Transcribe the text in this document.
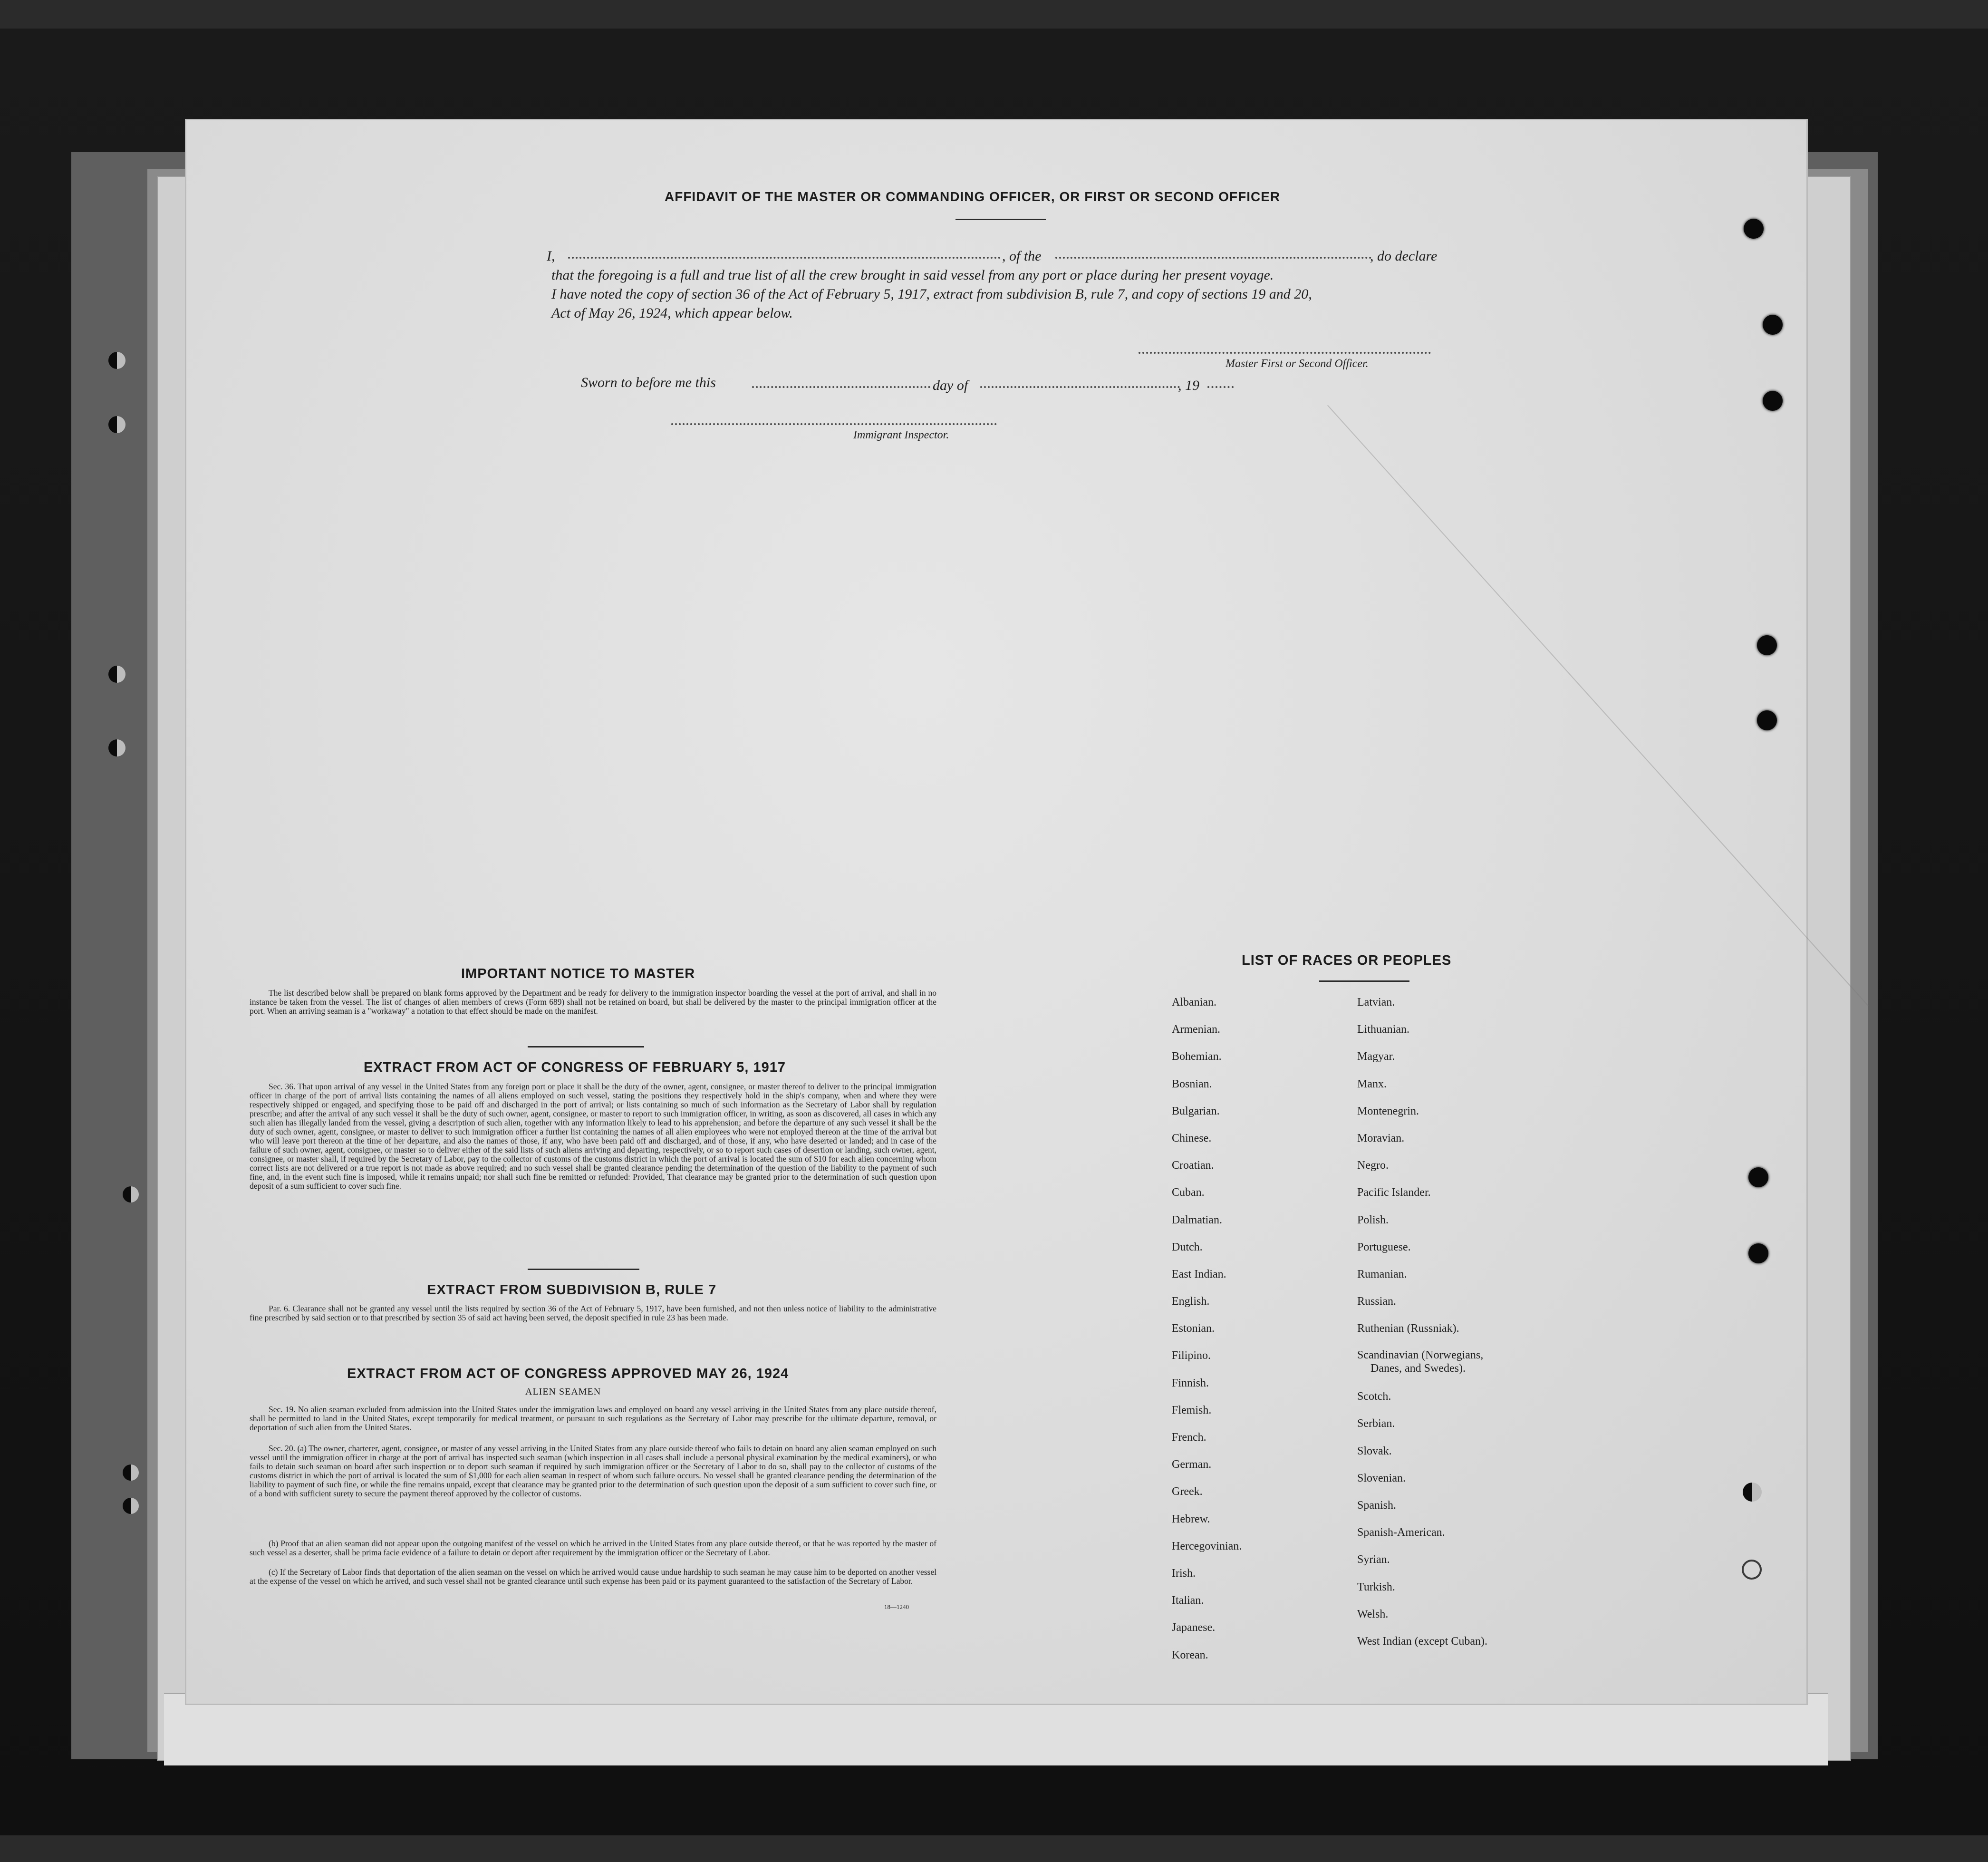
AFFIDAVIT OF THE MASTER OR COMMANDING OFFICER, OR FIRST OR SECOND OFFICER
I,	, of the	, do declare
that the foregoing is a full and true list of all the crew brought in said vessel from any port or place during her present voyage.
I have noted the copy of section 36 of the Act of February 5, 1917, extract from subdivision B, rule 7, and copy of sections 19 and 20,
Act of May 26, 1924, which appear below.
Master First or Second Officer.
Sworn to before me this	day of	, 19
Immigrant Inspector.
IMPORTANT NOTICE TO MASTER

The list described below shall be prepared on blank forms approved by the Department and be ready for delivery to the immigration inspector boarding the vessel at the port of arrival, and shall in no instance be taken from the vessel. The list of changes of alien members of crews (Form 689) shall not be retained on board, but shall be delivered by the master to the principal immigration officer at the port. When an arriving seaman is a "workaway" a notation to that effect should be made on the manifest.

EXTRACT FROM ACT OF CONGRESS OF FEBRUARY 5, 1917

Sec. 36. That upon arrival of any vessel in the United States from any foreign port or place it shall be the duty of the owner, agent, consignee, or master thereof to deliver to the principal immigration officer in charge of the port of arrival lists containing the names of all aliens employed on such vessel, stating the positions they respectively hold in the ship's company, when and where they were respectively shipped or engaged, and specifying those to be paid off and discharged in the port of arrival; or lists containing so much of such information as the Secretary of Labor shall by regulation prescribe; and after the arrival of any such vessel it shall be the duty of such owner, agent, consignee, or master to report to such immigration officer, in writing, as soon as discovered, all cases in which any such alien has illegally landed from the vessel, giving a description of such alien, together with any information likely to lead to his apprehension; and before the departure of any such vessel it shall be the duty of such owner, agent, consignee, or master to deliver to such immigration officer a further list containing the names of all alien employees who were not employed thereon at the time of the arrival but who will leave port thereon at the time of her departure, and also the names of those, if any, who have been paid off and discharged, and of those, if any, who have deserted or landed; and in case of the failure of such owner, agent, consignee, or master so to deliver either of the said lists of such aliens arriving and departing, respectively, or so to report such cases of desertion or landing, such owner, agent, consignee, or master shall, if required by the Secretary of Labor, pay to the collector of customs of the customs district in which the port of arrival is located the sum of $10 for each alien concerning whom correct lists are not delivered or a true report is not made as above required; and no such vessel shall be granted clearance pending the determination of the question of the liability to the payment of such fine, and, in the event such fine is imposed, while it remains unpaid; nor shall such fine be remitted or refunded: Provided, That clearance may be granted prior to the determination of such question upon deposit of a sum sufficient to cover such fine.

EXTRACT FROM SUBDIVISION B, RULE 7

Par. 6. Clearance shall not be granted any vessel until the lists required by section 36 of the Act of February 5, 1917, have been furnished, and not then unless notice of liability to the administrative fine prescribed by said section or to that prescribed by section 35 of said act having been served, the deposit specified in rule 23 has been made.

EXTRACT FROM ACT OF CONGRESS APPROVED MAY 26, 1924
ALIEN SEAMEN

Sec. 19. No alien seaman excluded from admission into the United States under the immigration laws and employed on board any vessel arriving in the United States from any place outside thereof, shall be permitted to land in the United States, except temporarily for medical treatment, or pursuant to such regulations as the Secretary of Labor may prescribe for the ultimate departure, removal, or deportation of such alien from the United States.

Sec. 20. (a) The owner, charterer, agent, consignee, or master of any vessel arriving in the United States from any place outside thereof who fails to detain on board any alien seaman employed on such vessel until the immigration officer in charge at the port of arrival has inspected such seaman (which inspection in all cases shall include a personal physical examination by the medical examiners), or who fails to detain such seaman on board after such inspection or to deport such seaman if required by such immigration officer or the Secretary of Labor to do so, shall pay to the collector of customs of the customs district in which the port of arrival is located the sum of $1,000 for each alien seaman in respect of whom such failure occurs. No vessel shall be granted clearance pending the determination of the liability to payment of such fine, or while the fine remains unpaid, except that clearance may be granted prior to the determination of such question upon the deposit of a sum sufficient to cover such fine, or of a bond with sufficient surety to secure the payment thereof approved by the collector of customs.

(b) Proof that an alien seaman did not appear upon the outgoing manifest of the vessel on which he arrived in the United States from any place outside thereof, or that he was reported by the master of such vessel as a deserter, shall be prima facie evidence of a failure to detain or deport after requirement by the immigration officer or the Secretary of Labor.

(c) If the Secretary of Labor finds that deportation of the alien seaman on the vessel on which he arrived would cause undue hardship to such seaman he may cause him to be deported on another vessel at the expense of the vessel on which he arrived, and such vessel shall not be granted clearance until such expense has been paid or its payment guaranteed to the satisfaction of the Secretary of Labor.

18—1240
LIST OF RACES OR PEOPLES
Albanian.
Armenian.
Bohemian.
Bosnian.
Bulgarian.
Chinese.
Croatian.
Cuban.
Dalmatian.
Dutch.
East Indian.
English.
Estonian.
Filipino.
Finnish.
Flemish.
French.
German.
Greek.
Hebrew.
Hercegovinian.
Irish.
Italian.
Japanese.
Korean.
Latvian.
Lithuanian.
Magyar.
Manx.
Montenegrin.
Moravian.
Negro.
Pacific Islander.
Polish.
Portuguese.
Rumanian.
Russian.
Ruthenian (Russniak).
Scandinavian (Norwegians,
Danes, and Swedes).
Scotch.
Serbian.
Slovak.
Slovenian.
Spanish.
Spanish-American.
Syrian.
Turkish.
Welsh.
West Indian (except Cuban).
